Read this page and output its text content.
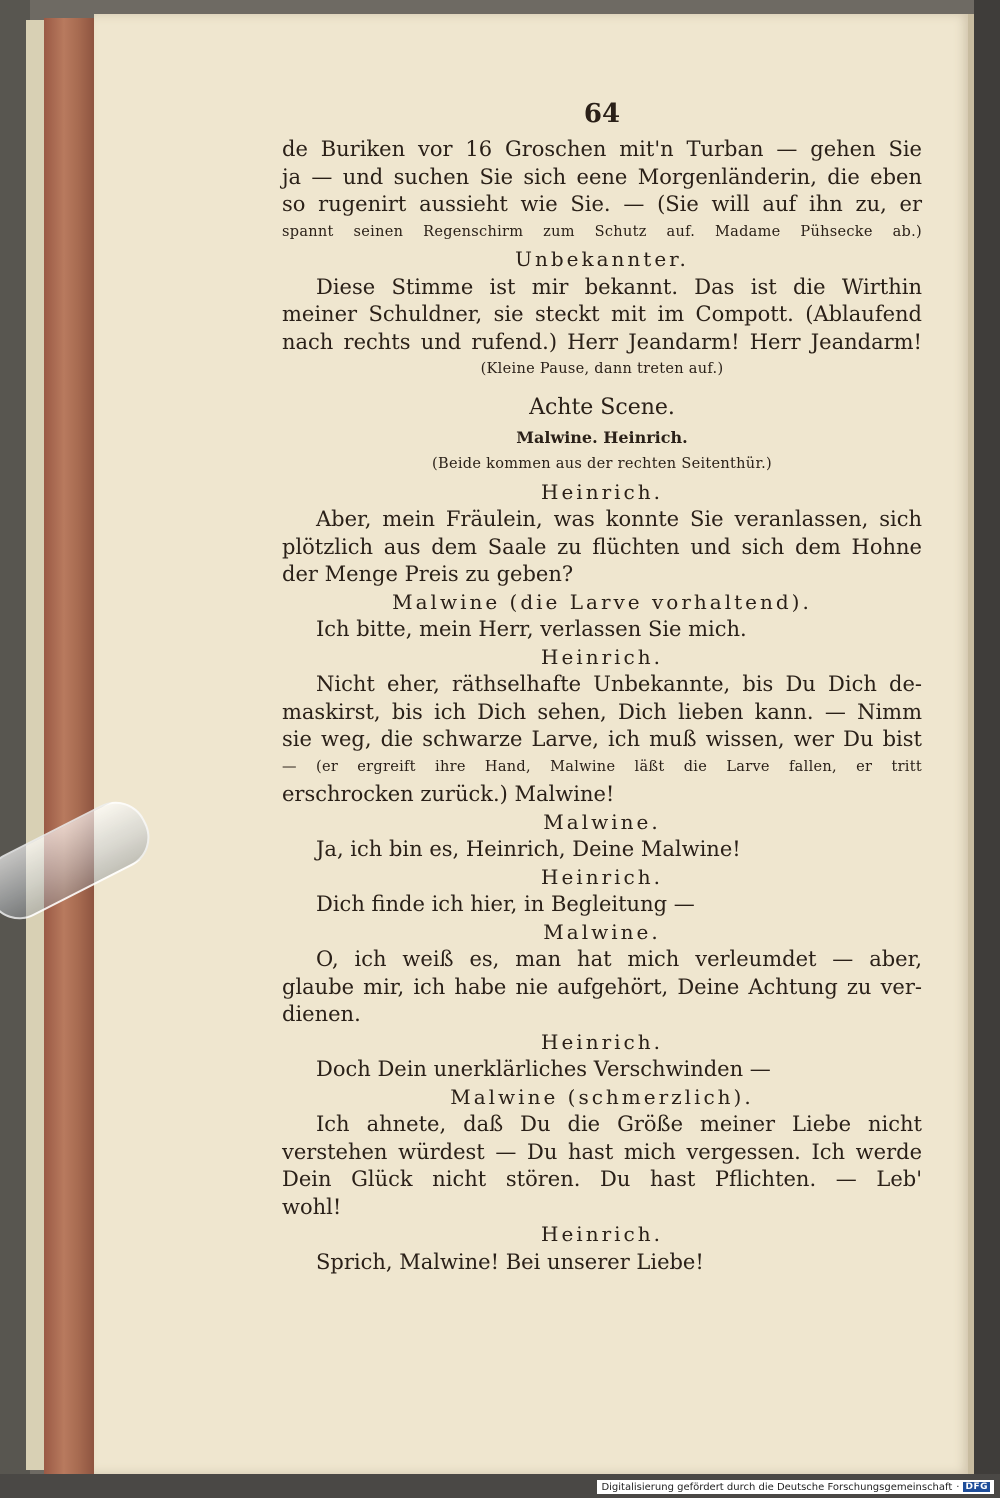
64
de Buriken vor 16 Groschen mit'n Turban — gehen Sie
ja — und suchen Sie sich eene Morgenländerin, die eben
so rugenirt aussieht wie Sie. — (Sie will auf ihn zu, er
spannt seinen Regenschirm zum Schutz auf. Madame Pühsecke ab.)
Unbekannter.
Diese Stimme ist mir bekannt. Das ist die Wirthin
meiner Schuldner, sie steckt mit im Compott. (Ablaufend
nach rechts und rufend.) Herr Jeandarm! Herr Jeandarm!
(Kleine Pause, dann treten auf.)
Achte Scene.
Malwine. Heinrich.
(Beide kommen aus der rechten Seitenthür.)
Heinrich.
Aber, mein Fräulein, was konnte Sie veranlassen, sich
plötzlich aus dem Saale zu flüchten und sich dem Hohne
der Menge Preis zu geben?
Malwine (die Larve vorhaltend).
Ich bitte, mein Herr, verlassen Sie mich.
Heinrich.
Nicht eher, räthselhafte Unbekannte, bis Du Dich de-
maskirst, bis ich Dich sehen, Dich lieben kann. — Nimm
sie weg, die schwarze Larve, ich muß wissen, wer Du bist
— (er ergreift ihre Hand, Malwine läßt die Larve fallen, er tritt
erschrocken zurück.) Malwine!
Malwine.
Ja, ich bin es, Heinrich, Deine Malwine!
Heinrich.
Dich finde ich hier, in Begleitung —
Malwine.
O, ich weiß es, man hat mich verleumdet — aber,
glaube mir, ich habe nie aufgehört, Deine Achtung zu ver-
dienen.
Heinrich.
Doch Dein unerklärliches Verschwinden —
Malwine (schmerzlich).
Ich ahnete, daß Du die Größe meiner Liebe nicht
verstehen würdest — Du hast mich vergessen. Ich werde
Dein Glück nicht stören. Du hast Pflichten. — Leb'
wohl!
Heinrich.
Sprich, Malwine! Bei unserer Liebe!
Digitalisierung gefördert durch die Deutsche Forschungsgemeinschaft · DFG
